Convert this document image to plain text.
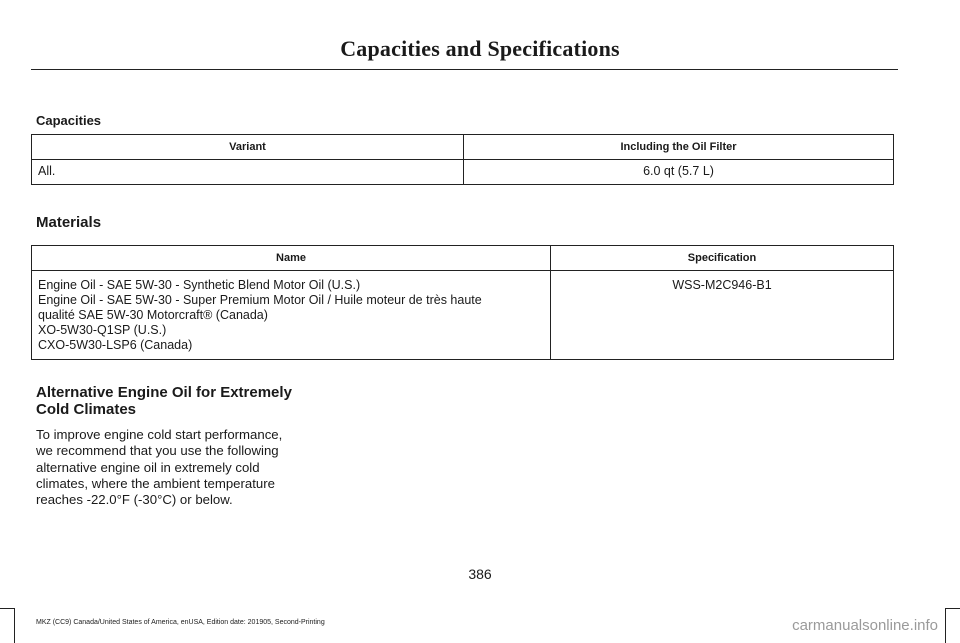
Capacities and Specifications
Capacities
Variant	Including the Oil Filter
All.	6.0 qt (5.7 L)
Materials
Name	Specification

Engine Oil - SAE 5W-30 - Synthetic Blend Motor Oil (U.S.)
Engine Oil - SAE 5W-30 - Super Premium Motor Oil / Huile moteur de très haute
qualité SAE 5W-30 Motorcraft® (Canada)
XO-5W30-Q1SP (U.S.)
CXO-5W30-LSP6 (Canada)	WSS-M2C946-B1
Alternative Engine Oil for Extremely
Cold Climates
To improve engine cold start performance,
we recommend that you use the following
alternative engine oil in extremely cold
climates, where the ambient temperature
reaches -22.0°F (-30°C) or below.
386
MKZ (CC9) Canada/United States of America, enUSA, Edition date: 201905, Second-Printing	carmanualsonline.info
